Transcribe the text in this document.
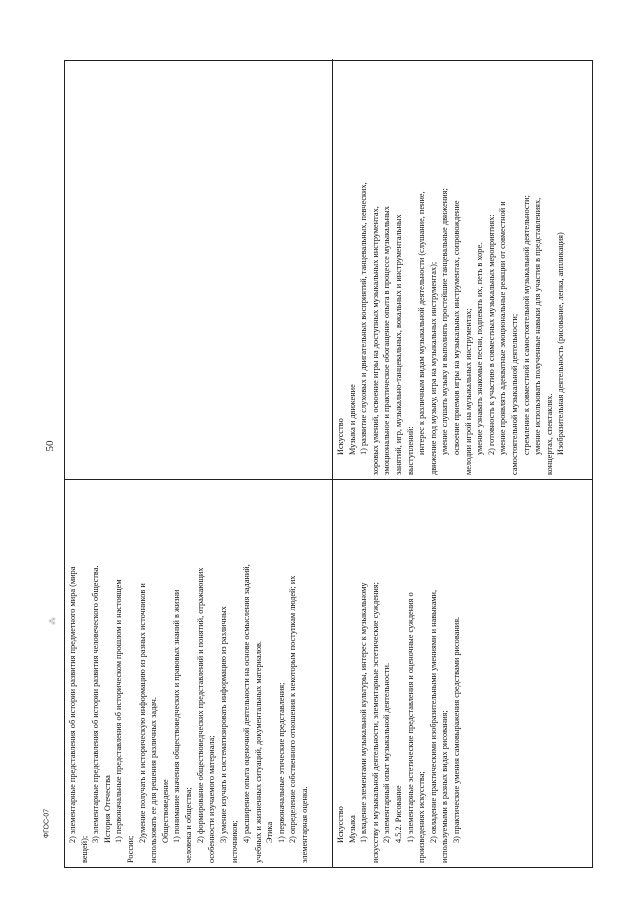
50
⁂
ФГОС-07 2) элементарные представления об истории развития предметного мира (мира
вещей);
3) элементарные представления об истории развития человеческого общества. История Отечества 1) первоначальные представления об историческом прошлом и настоящем
России;
2)умение получать и историческую информацию из разных источников и использовать ее для решения различных задач. Обществоведение 1) понимание значения обществоведческих и правовых знаний в жизни человека и общества; 2) формирование обществоведческих представлений и понятий, отражающих особенности изучаемого материала; 3) умение изучать и систематизировать информацию из различных источников; 4) расширение опыта оценочной деятельности на основе осмысления заданий, учебных и жизненных ситуаций, документальных материалов. Этика 1) первоначальные этические представления; 2) определение собственного отношения к некоторым поступкам людей; их элементарная оценка.	Искусство Музыка 1) владение элементами музыкальной культуры, интерес к музыкальному искусству и музыкальной деятельности, элементарные эстетические суждения; 2) элементарный опыт музыкальной деятельности. 4.5.2. Рисование 1) элементарные эстетические представления и оценочные суждения о произведениях искусства; 2) овладение практическими изобразительными умениями и навыками, используемыми в разных видах рисования; 3) практические умения самовыражения средствами рисования.
Искусство Музыка и движение 1) развитие слуховых и двигательных восприятий, танцевальных, певческих, хоровых умений, освоение игры на доступных музыкальных инструментах, эмоциональное и практическое обогащение опыта в процессе музыкальных занятий, игр, музыкально-танцевальных, вокальных и инструментальных выступлений: интерес к различным видам музыкальной деятельности (слушание, пение, движение под музыку, игра на музыкальных инструментах); умение слушать музыку и выполнять простейшие танцевальные движения; освоение приемов игры на музыкальных инструментах, сопровождение мелодии игрой на музыкальных инструментах; умение узнавать знакомые песни, подпевать их, петь в хоре. 2) готовность к участию в совместных музыкальных мероприятиях: умение проявлять адекватные эмоциональные реакции от совместной и самостоятельной музыкальной деятельности; стремление к совместной и самостоятельной музыкальной деятельности; умение использовать полученные навыки для участия в представлениях, концертах, спектаклях. Изобразительная деятельность (рисование, лепка, аппликация)
